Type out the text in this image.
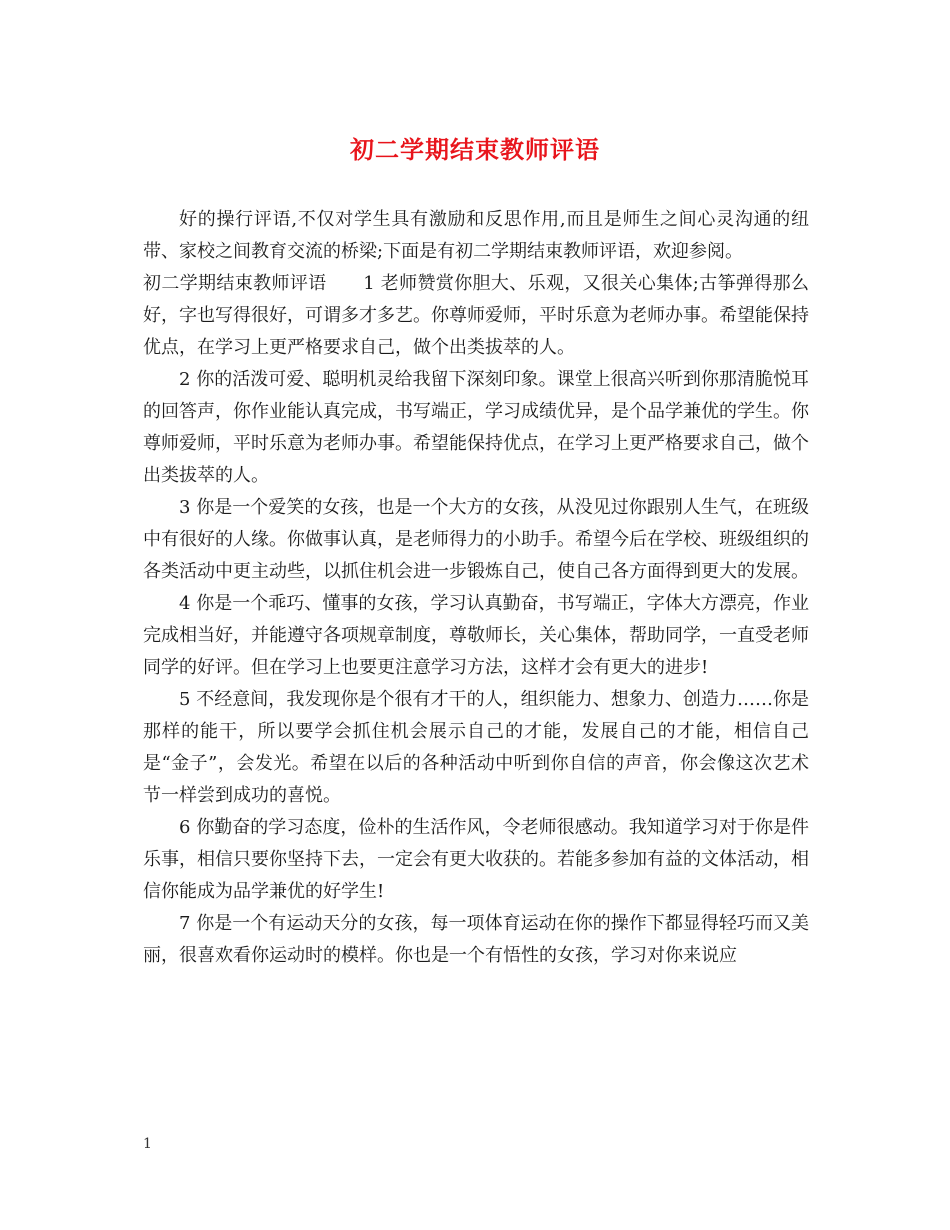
初二学期结束教师评语

好的操行评语,不仅对学生具有激励和反思作用,而且是师生之间心灵沟通的纽带、家校之间教育交流的桥梁;下面是有初二学期结束教师评语，欢迎参阅。

初二学期结束教师评语　　1 老师赞赏你胆大、乐观，又很关心集体;古筝弹得那么好，字也写得很好，可谓多才多艺。你尊师爱师，平时乐意为老师办事。希望能保持优点，在学习上更严格要求自己，做个出类拔萃的人。

2 你的活泼可爱、聪明机灵给我留下深刻印象。课堂上很高兴听到你那清脆悦耳的回答声，你作业能认真完成，书写端正，学习成绩优异，是个品学兼优的学生。你尊师爱师，平时乐意为老师办事。希望能保持优点，在学习上更严格要求自己，做个出类拔萃的人。

3 你是一个爱笑的女孩，也是一个大方的女孩，从没见过你跟别人生气，在班级中有很好的人缘。你做事认真，是老师得力的小助手。希望今后在学校、班级组织的各类活动中更主动些，以抓住机会进一步锻炼自己，使自己各方面得到更大的发展。

4 你是一个乖巧、懂事的女孩，学习认真勤奋，书写端正，字体大方漂亮，作业完成相当好，并能遵守各项规章制度，尊敬师长，关心集体，帮助同学，一直受老师同学的好评。但在学习上也要更注意学习方法，这样才会有更大的进步!

5 不经意间，我发现你是个很有才干的人，组织能力、想象力、创造力……你是那样的能干，所以要学会抓住机会展示自己的才能，发展自己的才能，相信自己是“金子”，会发光。希望在以后的各种活动中听到你自信的声音，你会像这次艺术节一样尝到成功的喜悦。

6 你勤奋的学习态度，俭朴的生活作风，令老师很感动。我知道学习对于你是件乐事，相信只要你坚持下去，一定会有更大收获的。若能多参加有益的文体活动，相信你能成为品学兼优的好学生!

7 你是一个有运动天分的女孩，每一项体育运动在你的操作下都显得轻巧而又美丽，很喜欢看你运动时的模样。你也是一个有悟性的女孩，学习对你来说应

1
